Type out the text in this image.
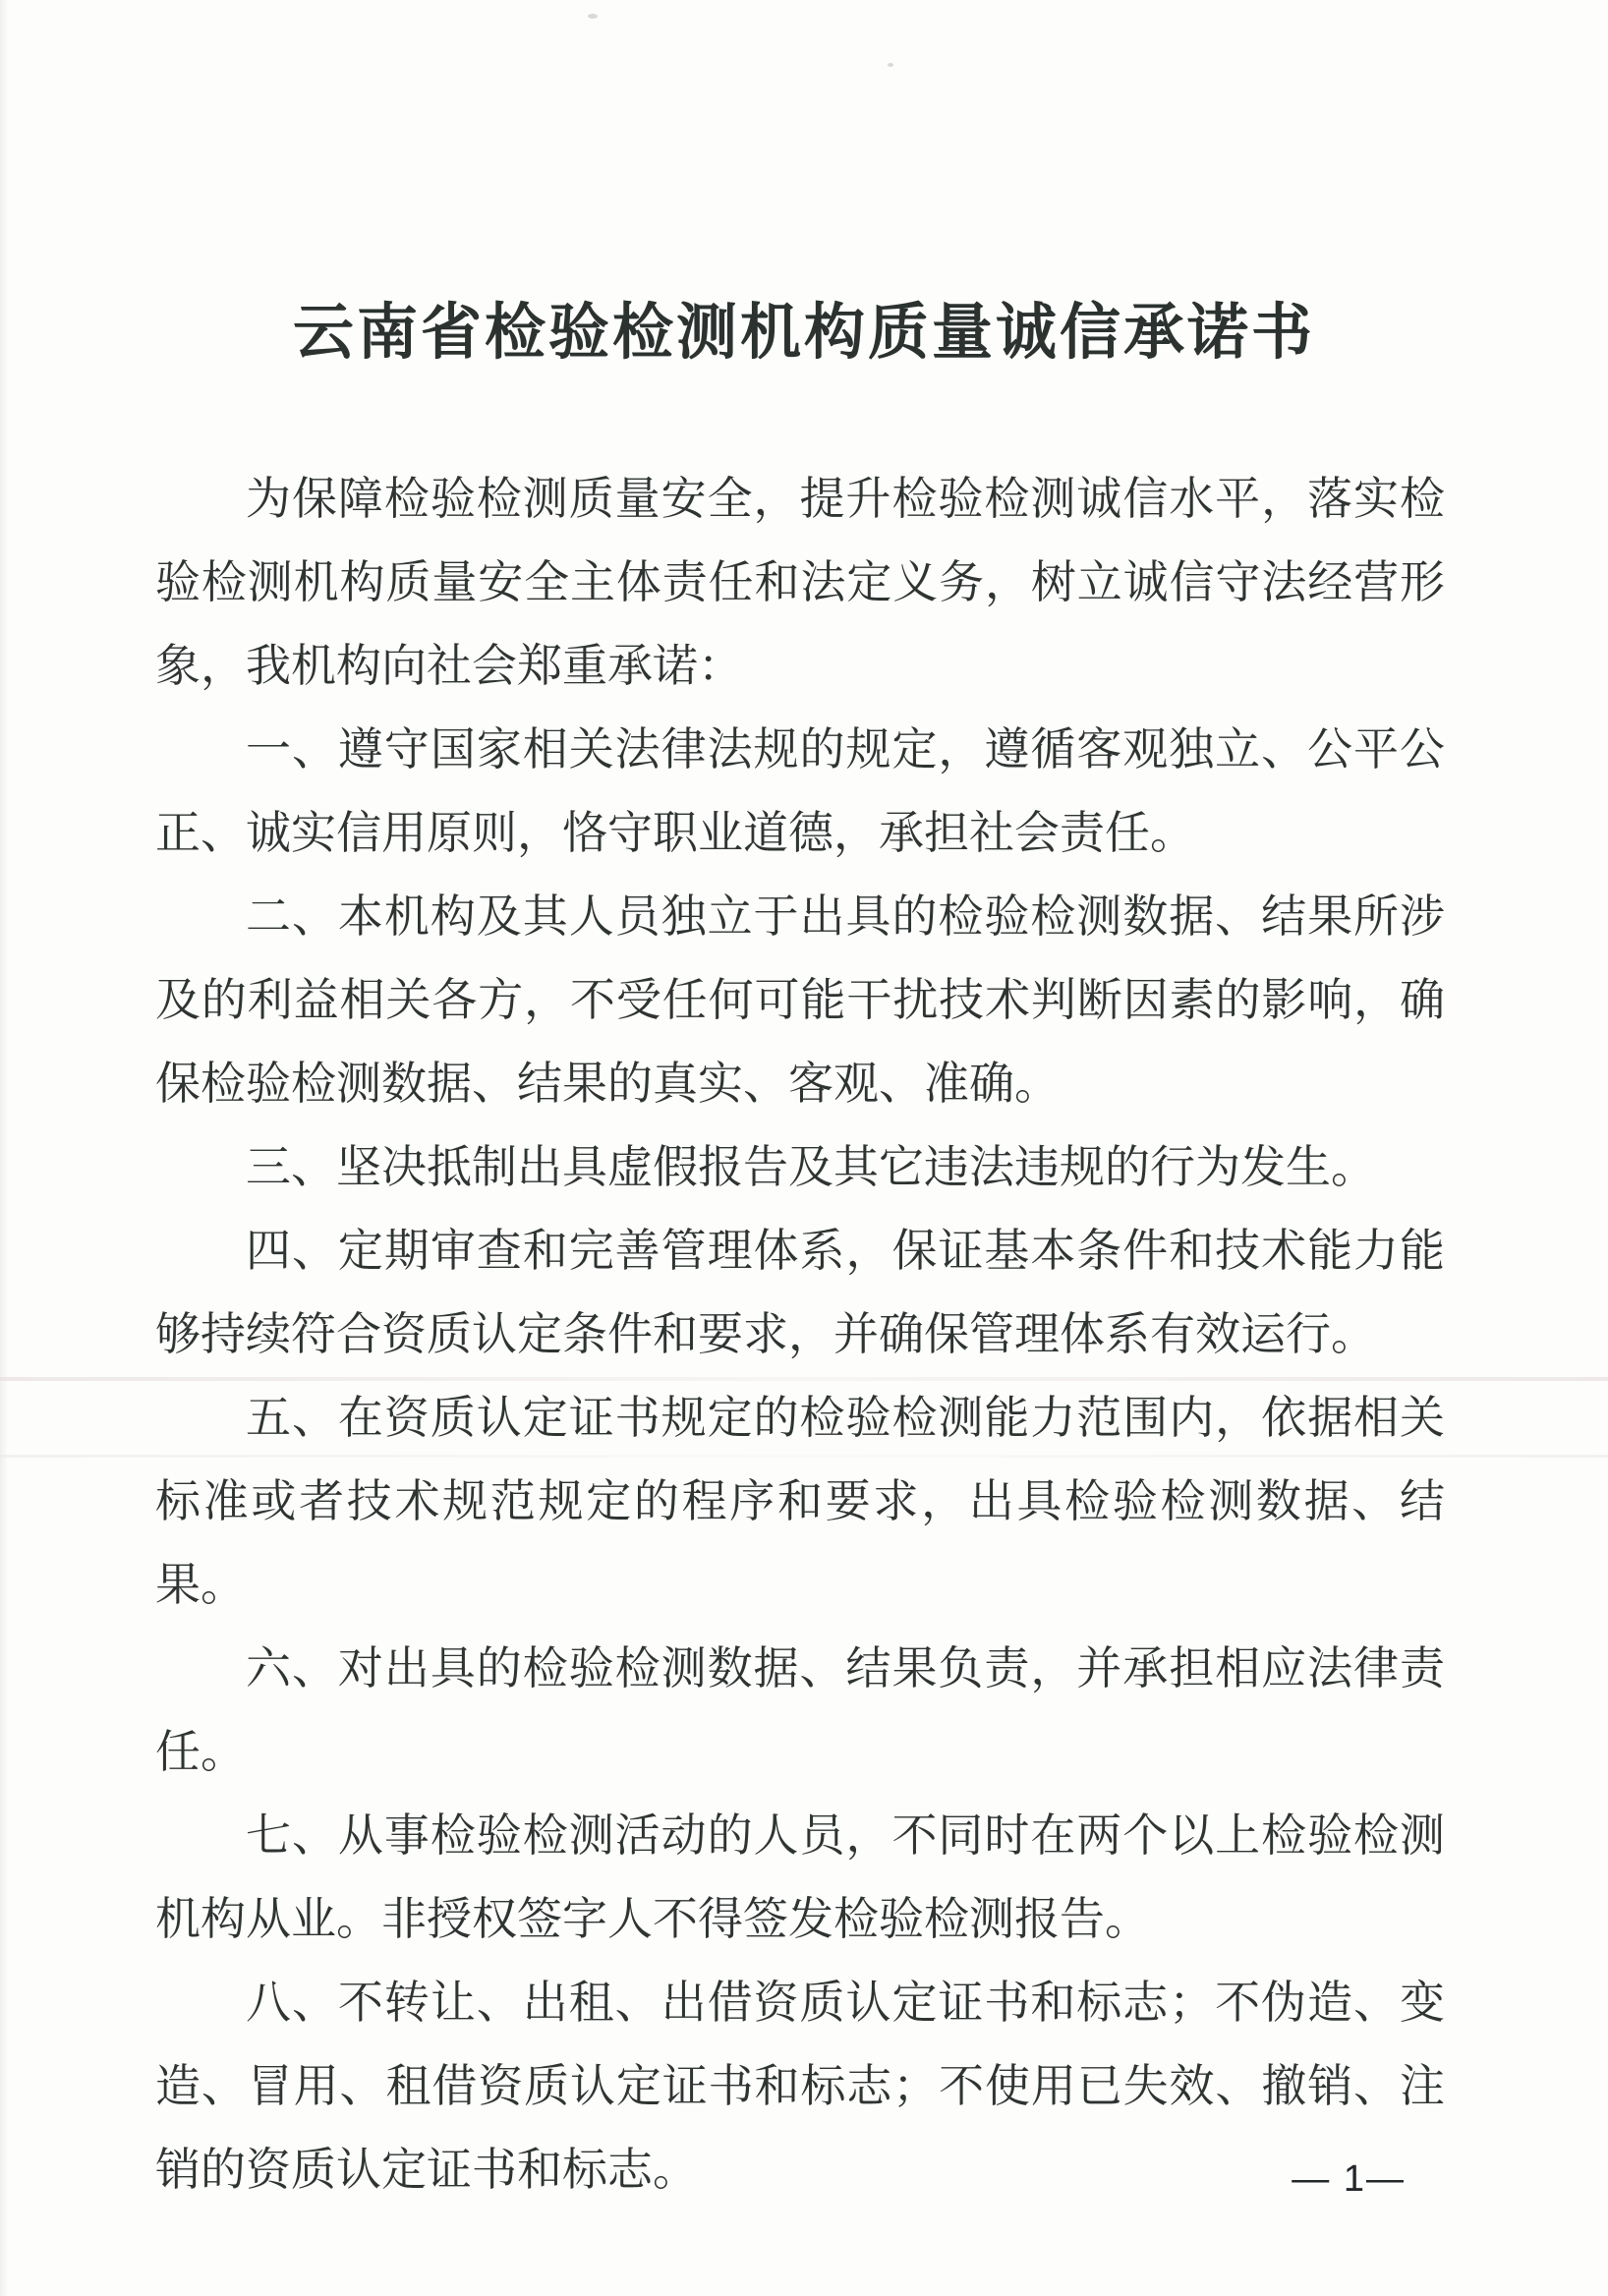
云南省检验检测机构质量诚信承诺书

为保障检验检测质量安全，提升检验检测诚信水平，落实检验检测机构质量安全主体责任和法定义务，树立诚信守法经营形象，我机构向社会郑重承诺：

一、遵守国家相关法律法规的规定，遵循客观独立、公平公正、诚实信用原则，恪守职业道德，承担社会责任。

二、本机构及其人员独立于出具的检验检测数据、结果所涉及的利益相关各方，不受任何可能干扰技术判断因素的影响，确保检验检测数据、结果的真实、客观、准确。

三、坚决抵制出具虚假报告及其它违法违规的行为发生。

四、定期审查和完善管理体系，保证基本条件和技术能力能够持续符合资质认定条件和要求，并确保管理体系有效运行。

五、在资质认定证书规定的检验检测能力范围内，依据相关标准或者技术规范规定的程序和要求，出具检验检测数据、结果。

六、对出具的检验检测数据、结果负责，并承担相应法律责任。

七、从事检验检测活动的人员，不同时在两个以上检验检测机构从业。非授权签字人不得签发检验检测报告。

八、不转让、出租、出借资质认定证书和标志；不伪造、变造、冒用、租借资质认定证书和标志；不使用已失效、撤销、注销的资质认定证书和标志。	— 1—
